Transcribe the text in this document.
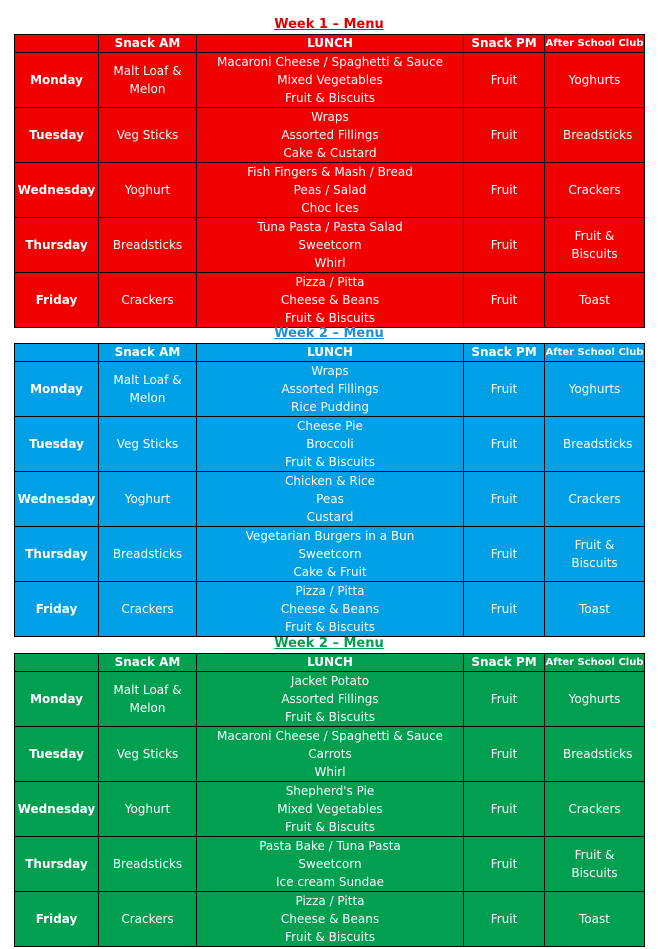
Week 1 – Menu
	Snack AM	LUNCH	Snack PM	After School Club
Monday	Malt Loaf & Melon	Macaroni Cheese / Spaghetti & Sauce
Mixed Vegetables
Fruit & Biscuits	Fruit	Yoghurts
Tuesday	Veg Sticks	Wraps
Assorted Fillings
Cake & Custard	Fruit	Breadsticks
Wednesday	Yoghurt	Fish Fingers & Mash / Bread
Peas / Salad
Choc Ices	Fruit	Crackers
Thursday	Breadsticks	Tuna Pasta / Pasta Salad
Sweetcorn
Whirl	Fruit	Fruit & Biscuits
Friday	Crackers	Pizza / Pitta
Cheese & Beans
Fruit & Biscuits	Fruit	Toast
Week 2 – Menu
	Snack AM	LUNCH	Snack PM	After School Club
Monday	Malt Loaf & Melon	Wraps
Assorted Fillings
Rice Pudding	Fruit	Yoghurts
Tuesday	Veg Sticks	Cheese Pie
Broccoli
Fruit & Biscuits	Fruit	Breadsticks
Wednesday	Yoghurt	Chicken & Rice
Peas
Custard	Fruit	Crackers
Thursday	Breadsticks	Vegetarian Burgers in a Bun
Sweetcorn
Cake & Fruit	Fruit	Fruit & Biscuits
Friday	Crackers	Pizza / Pitta
Cheese & Beans
Fruit & Biscuits	Fruit	Toast
Week 2 – Menu
	Snack AM	LUNCH	Snack PM	After School Club
Monday	Malt Loaf & Melon	Jacket Potato
Assorted Fillings
Fruit & Biscuits	Fruit	Yoghurts
Tuesday	Veg Sticks	Macaroni Cheese / Spaghetti & Sauce
Carrots
Whirl	Fruit	Breadsticks
Wednesday	Yoghurt	Shepherd's Pie
Mixed Vegetables
Fruit & Biscuits	Fruit	Crackers
Thursday	Breadsticks	Pasta Bake / Tuna Pasta
Sweetcorn
Ice cream Sundae	Fruit	Fruit & Biscuits
Friday	Crackers	Pizza / Pitta
Cheese & Beans
Fruit & Biscuits	Fruit	Toast
